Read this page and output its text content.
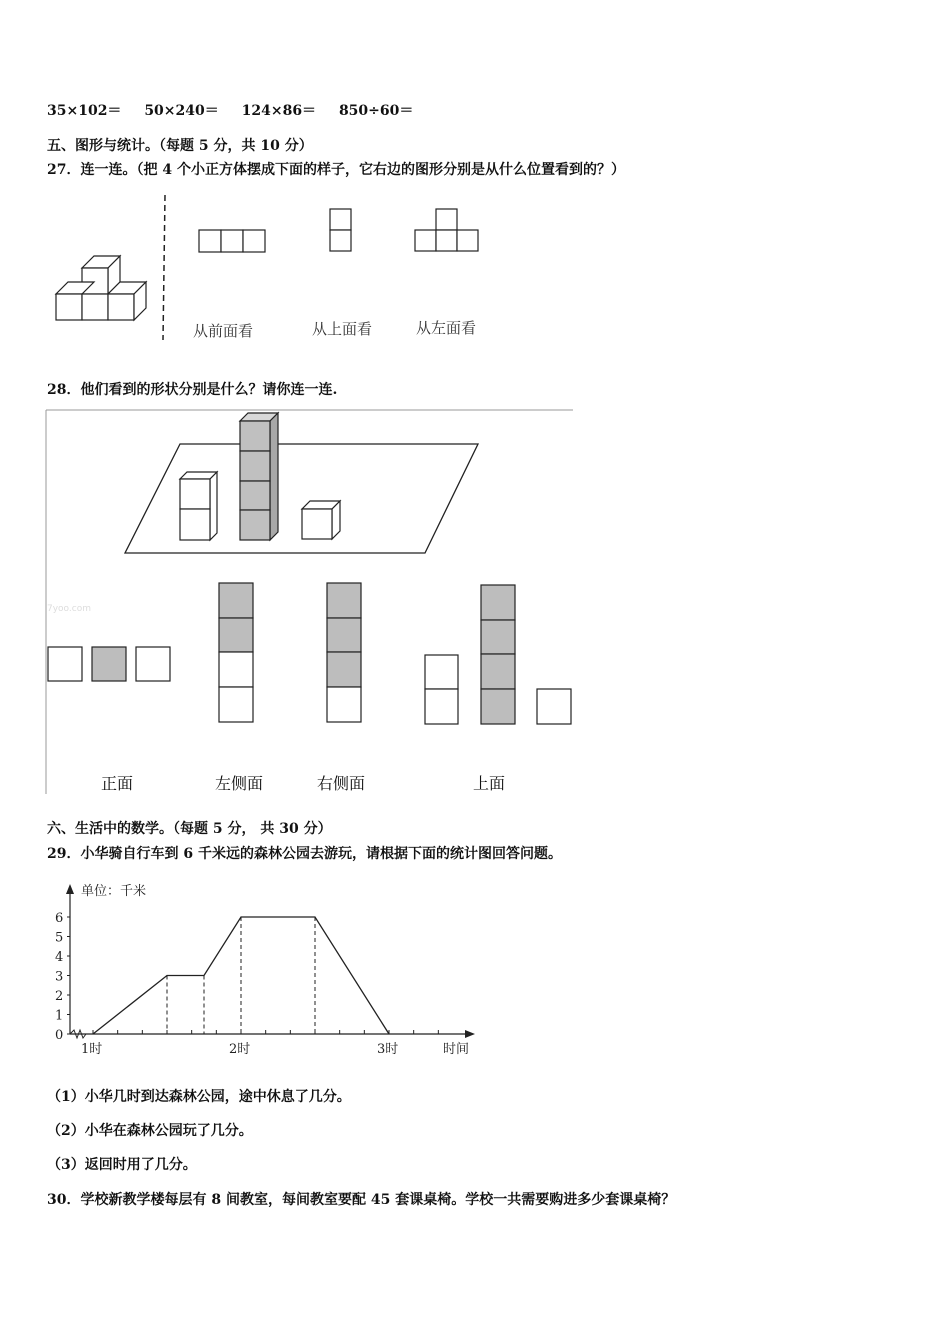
35×102＝ 50×240＝ 124×86＝ 850÷60＝
五、图形与统计。（每题 5 分，共 10 分）
27．连一连。（把 4 个小正方体摆成下面的样子，它右边的图形分别是从什么位置看到的？）
从前面看	从上面看	从左面看
28．他们看到的形状分别是什么？请你连一连.
7yoo.com
正面	左侧面	右侧面	上面
六、生活中的数学。（每题 5 分， 共 30 分）
29．小华骑自行车到 6 千米远的森林公园去游玩，请根据下面的统计图回答问题。
单位：千米
时间
0
1
2
3
4
5
6
1时	2时	3时
（1）小华几时到达森林公园，途中休息了几分。
（2）小华在森林公园玩了几分。
（3）返回时用了几分。
30．学校新教学楼每层有 8 间教室，每间教室要配 45 套课桌椅。学校一共需要购进多少套课桌椅？
